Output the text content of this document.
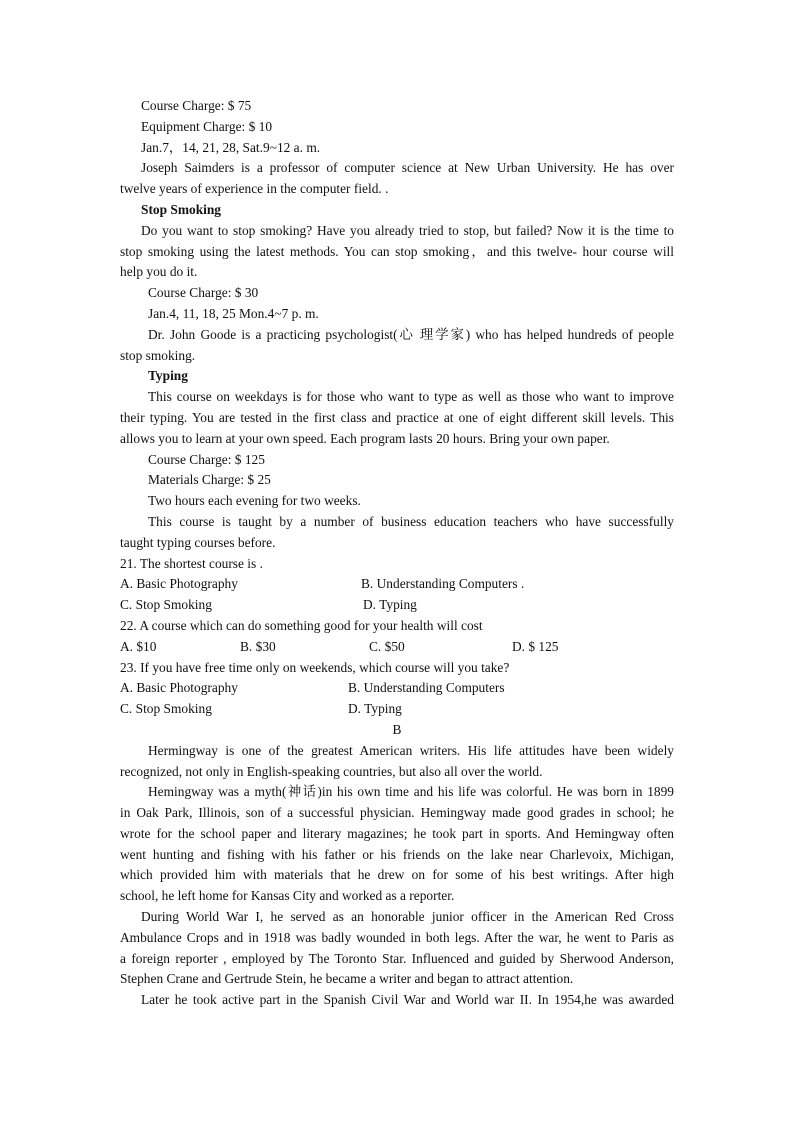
Course Charge: $ 75
Equipment Charge: $ 10
Jan.7，14, 21, 28, Sat.9~12 a. m.
Joseph Saimders is a professor of computer science at New Urban University. He has over
twelve years of experience in the computer field. .
Stop Smoking
Do you want to stop smoking? Have you already tried to stop, but failed? Now it is the time to
stop smoking using the latest methods. You can stop smoking，and this twelve- hour course will
help you do it.
Course Charge: $ 30
Jan.4, 11, 18, 25 Mon.4~7 p. m.
Dr. John Goode is a practicing psychologist(心 理学家) who has helped hundreds of people
stop smoking.
Typing
This course on weekdays is for those who want to type as well as those who want to improve
their typing. You are tested in the first class and practice at one of eight different skill levels. This
allows you to learn at your own speed. Each program lasts 20 hours. Bring your own paper.
Course Charge: $ 125
Materials Charge: $ 25
Two hours each evening for two weeks.
This course is taught by a number of business education teachers who have successfully
taught typing courses before.
21. The shortest course is .
A. Basic Photography	B. Understanding Computers .
C. Stop Smoking	D. Typing
22. A course which can do something good for your health will cost
A. $10	B. $30	C. $50	D. $ 125
23. If you have free time only on weekends, which course will you take?
A. Basic Photography	B. Understanding Computers
C. Stop Smoking	D. Typing
B
Hermingway is one of the greatest American writers. His life attitudes have been widely
recognized, not only in English-speaking countries, but also all over the world.
Hemingway was a myth(神话)in his own time and his life was colorful. He was born in 1899
in Oak Park, Illinois, son of a successful physician. Hemingway made good grades in school; he
wrote for the school paper and literary magazines; he took part in sports. And Hemingway often
went hunting and fishing with his father or his friends on the lake near Charlevoix, Michigan,
which provided him with materials that he drew on for some of his best writings. After high
school, he left home for Kansas City and worked as a reporter.
During World War I, he served as an honorable junior officer in the American Red Cross
Ambulance Crops and in 1918 was badly wounded in both legs. After the war, he went to Paris as
a foreign reporter , employed by The Toronto Star. Influenced and guided by Sherwood Anderson,
Stephen Crane and Gertrude Stein, he became a writer and began to attract attention.
Later he took active part in the Spanish Civil War and World war II. In 1954,he was awarded
